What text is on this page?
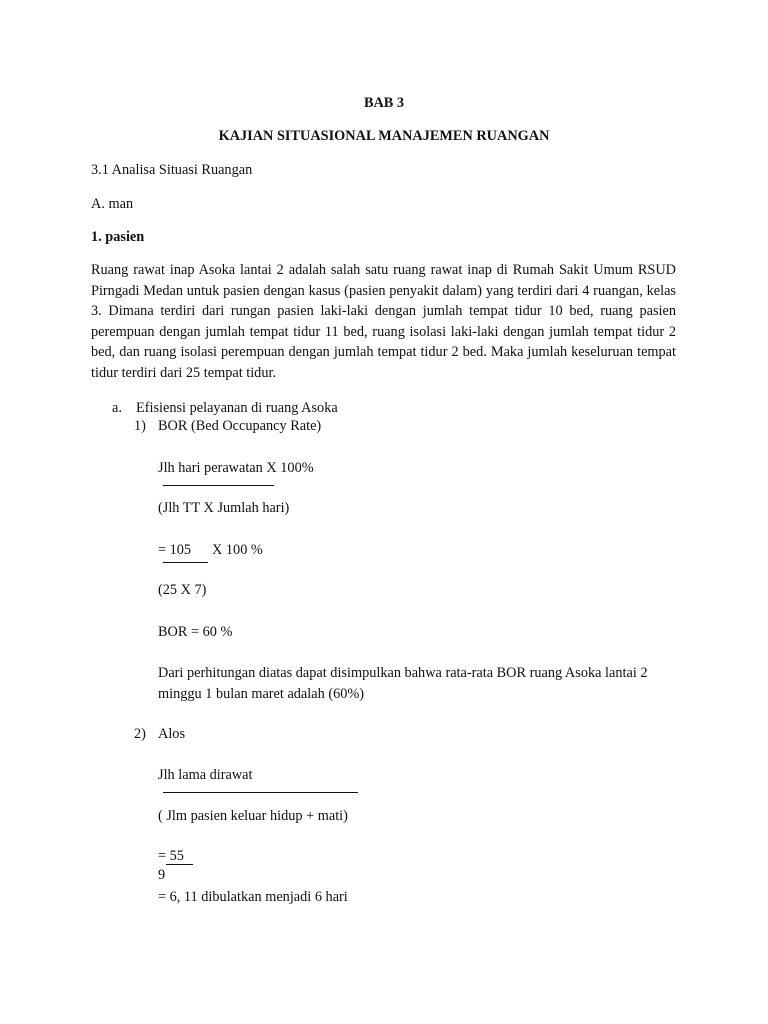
BAB 3
KAJIAN SITUASIONAL MANAJEMEN RUANGAN
3.1 Analisa Situasi Ruangan
A. man
1. pasien
Ruang rawat inap Asoka lantai 2 adalah salah satu ruang rawat inap di Rumah Sakit Umum RSUD Pirngadi Medan untuk pasien dengan kasus (pasien penyakit dalam) yang terdiri dari 4 ruangan, kelas 3. Dimana terdiri dari rungan pasien laki-laki dengan jumlah tempat tidur 10 bed, ruang pasien perempuan dengan jumlah tempat tidur 11 bed, ruang isolasi laki-laki dengan jumlah tempat tidur 2 bed, dan ruang isolasi perempuan dengan jumlah tempat tidur 2 bed. Maka jumlah keseluruan tempat tidur terdiri dari 25 tempat tidur.
a. Efisiensi pelayanan di ruang Asoka
1) BOR (Bed Occupancy Rate)
Jlh hari perawatan X 100%
(Jlh TT X Jumlah hari)
= 105 X 100 %
(25 X 7)
BOR = 60 %
Dari perhitungan diatas dapat disimpulkan bahwa rata-rata BOR ruang Asoka lantai 2
minggu 1 bulan maret adalah (60%)
2) Alos
Jlh lama dirawat
( Jlm pasien keluar hidup + mati)
= 55
9
= 6, 11 dibulatkan menjadi 6 hari
